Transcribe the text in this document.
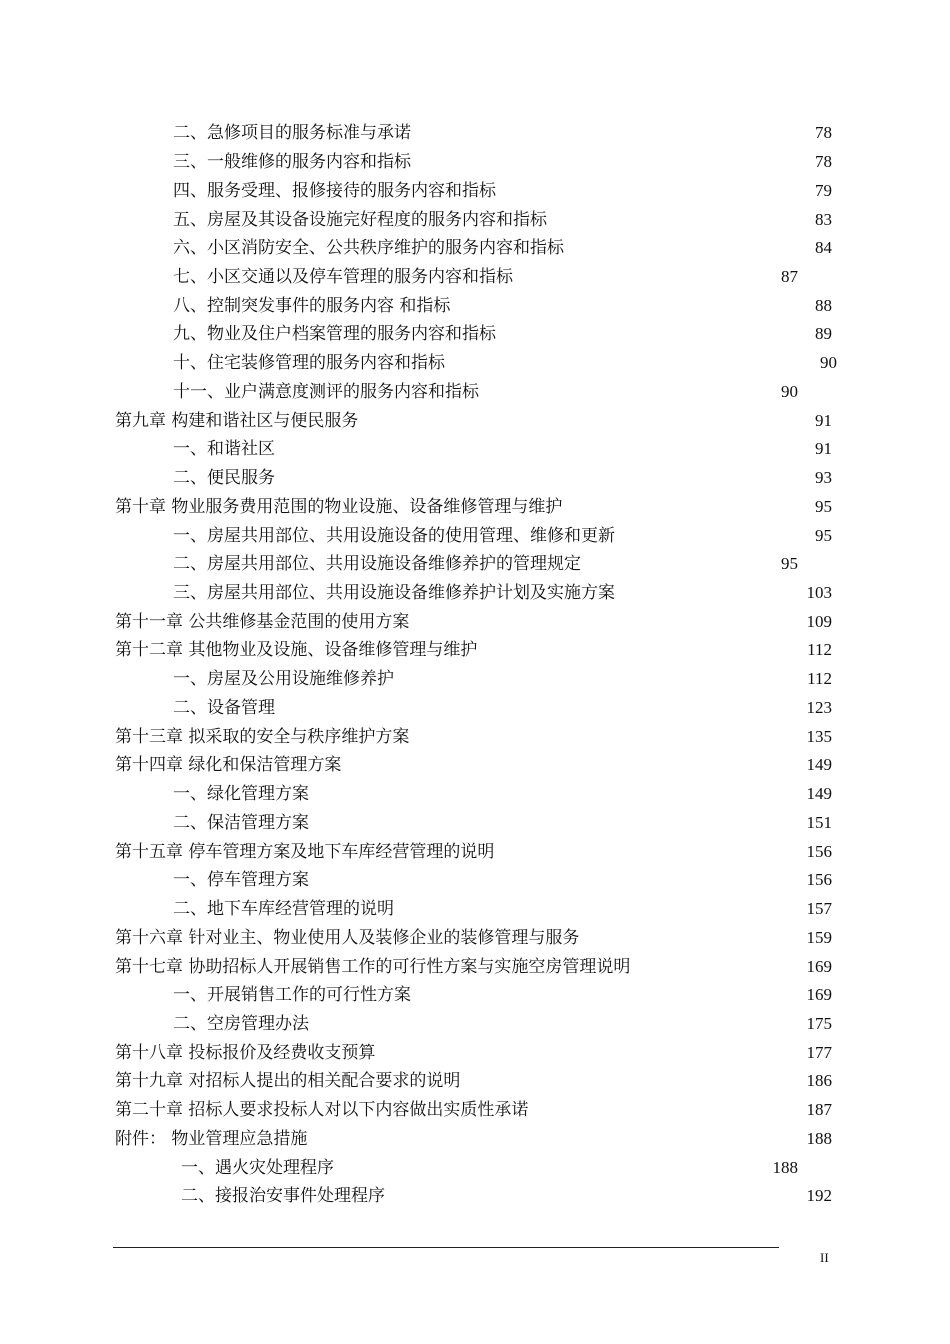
二、急修项目的服务标准与承诺	78
三、一般维修的服务内容和指标	78
四、服务受理、报修接待的服务内容和指标	79
五、房屋及其设备设施完好程度的服务内容和指标	83
六、小区消防安全、公共秩序维护的服务内容和指标	84
七、小区交通以及停车管理的服务内容和指标	87
八、控制突发事件的服务内容 和指标	88
九、物业及住户档案管理的服务内容和指标	89
十、住宅装修管理的服务内容和指标	90
十一、业户满意度测评的服务内容和指标	90
第九章 构建和谐社区与便民服务	91
一、和谐社区	91
二、便民服务	93
第十章 物业服务费用范围的物业设施、设备维修管理与维护	95
一、房屋共用部位、共用设施设备的使用管理、维修和更新	95
二、房屋共用部位、共用设施设备维修养护的管理规定	95
三、房屋共用部位、共用设施设备维修养护计划及实施方案	103
第十一章 公共维修基金范围的使用方案	109
第十二章 其他物业及设施、设备维修管理与维护	112
一、房屋及公用设施维修养护	112
二、设备管理	123
第十三章 拟采取的安全与秩序维护方案	135
第十四章 绿化和保洁管理方案	149
一、绿化管理方案	149
二、保洁管理方案	151
第十五章 停车管理方案及地下车库经营管理的说明	156
一、停车管理方案	156
二、地下车库经营管理的说明	157
第十六章 针对业主、物业使用人及装修企业的装修管理与服务	159
第十七章 协助招标人开展销售工作的可行性方案与实施空房管理说明	169
一、开展销售工作的可行性方案	169
二、空房管理办法	175
第十八章 投标报价及经费收支预算	177
第十九章 对招标人提出的相关配合要求的说明	186
第二十章 招标人要求投标人对以下内容做出实质性承诺	187
附件： 物业管理应急措施	188
一、遇火灾处理程序	188
二、接报治安事件处理程序	192
II
